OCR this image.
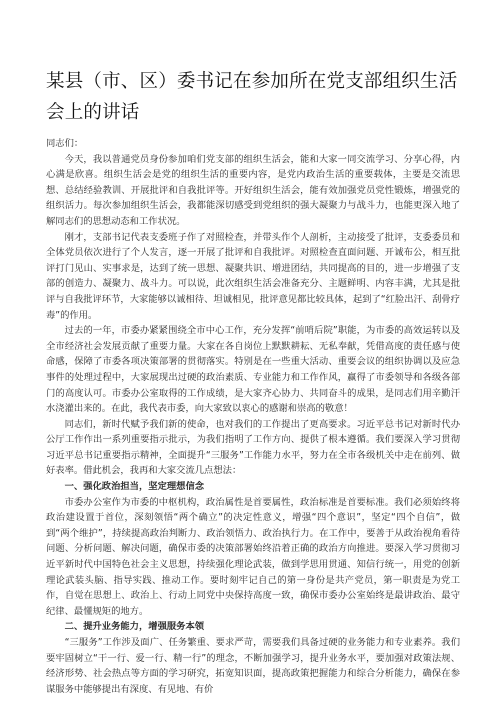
某县（市、区）委书记在参加所在党支部组织生活会上的讲话

同志们：

今天，我以普通党员身份参加咱们党支部的组织生活会，能和大家一同交流学习、分享心得，内心满是欣喜。组织生活会是党的组织生活的重要内容，是党内政治生活的重要载体，主要是交流思想、总结经验教训、开展批评和自我批评等。开好组织生活会，能有效加强党员党性锻炼，增强党的组织活力。每次参加组织生活会，我都能深切感受到党组织的强大凝聚力与战斗力，也能更深入地了解同志们的思想动态和工作状况。

刚才，支部书记代表支委班子作了对照检查，并带头作个人剖析，主动接受了批评，支委委员和全体党员依次进行了个人发言，逐一开展了批评和自我批评。对照检查直面问题、开诚布公，相互批评打门见山、实事求是，达到了统一思想、凝聚共识、增进团结，共同提高的目的，进一步增强了支部的创造力、凝聚力、战斗力。可以说，此次组织生活会准备充分、主题鲜明、内容丰满，尤其是批评与自我批评环节，大家能够以诚相待、坦诚相见，批评意见都比较具体，起到了“红脸出汗、刮骨疗毒”的作用。

过去的一年，市委办紧紧围绕全市中心工作，充分发挥“前哨后院”职能，为市委的高效运转以及全市经济社会发展贡献了重要力量。大家在各自岗位上默默耕耘、无私奉献，凭借高度的责任感与使命感，保障了市委各项决策部署的贯彻落实。特别是在一些重大活动、重要会议的组织协调以及应急事件的处理过程中，大家展现出过硬的政治素质、专业能力和工作作风，赢得了市委领导和各级各部门的高度认可。市委办公室取得的工作成绩，是大家齐心协力、共同奋斗的成果，是同志们用辛勤汗水浇灌出来的。在此，我代表市委，向大家致以衷心的感谢和崇高的敬意！

同志们，新时代赋予我们新的使命，也对我们的工作提出了更高要求。习近平总书记对新时代办公厅工作作出一系列重要指示批示，为我们指明了工作方向、提供了根本遵循。我们要深入学习贯彻习近平总书记重要指示精神，全面提升“三服务”工作能力水平，努力在全市各级机关中走在前列、做好表率。借此机会，我再和大家交流几点想法：

一、强化政治担当，坚定理想信念

市委办公室作为市委的中枢机构，政治属性是首要属性，政治标准是首要标准。我们必须始终将政治建设置于首位，深刻领悟“两个确立”的决定性意义，增强“四个意识”，坚定“四个自信”，做到“两个维护”，持续提高政治判断力、政治领悟力、政治执行力。在工作中，要善于从政治视角看待问题、分析问题、解决问题，确保市委的决策部署始终沿着正确的政治方向推进。要深入学习贯彻习近平新时代中国特色社会主义思想，持续强化理论武装，做到学思用贯通、知信行统一，用党的创新理论武装头脑、指导实践、推动工作。要时刻牢记自己的第一身份是共产党员，第一职责是为党工作，自觉在思想上、政治上、行动上同党中央保持高度一致，确保市委办公室始终是最讲政治、最守纪律、最懂规矩的地方。

二、提升业务能力，增强服务本领

“三服务”工作涉及面广、任务繁重、要求严苛，需要我们具备过硬的业务能力和专业素养。我们要牢固树立“干一行、爱一行、精一行”的理念，不断加强学习，提升业务水平，要加强对政策法规、经济形势、社会热点等方面的学习研究，拓宽知识面，提高政策把握能力和综合分析能力，确保在参谋服务中能够提出有深度、有见地、有价
